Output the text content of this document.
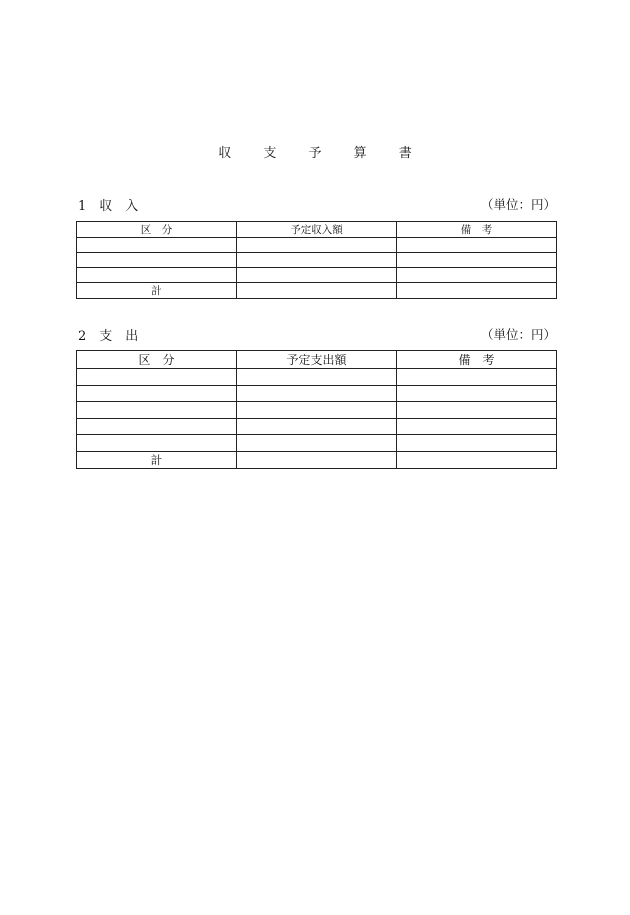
収 支 予 算 書
1　収　入	（単位：円）
区　分	予定収入額	備　考

計		
2　支　出	（単位：円）
区　分	予定支出額	備　考

計		
